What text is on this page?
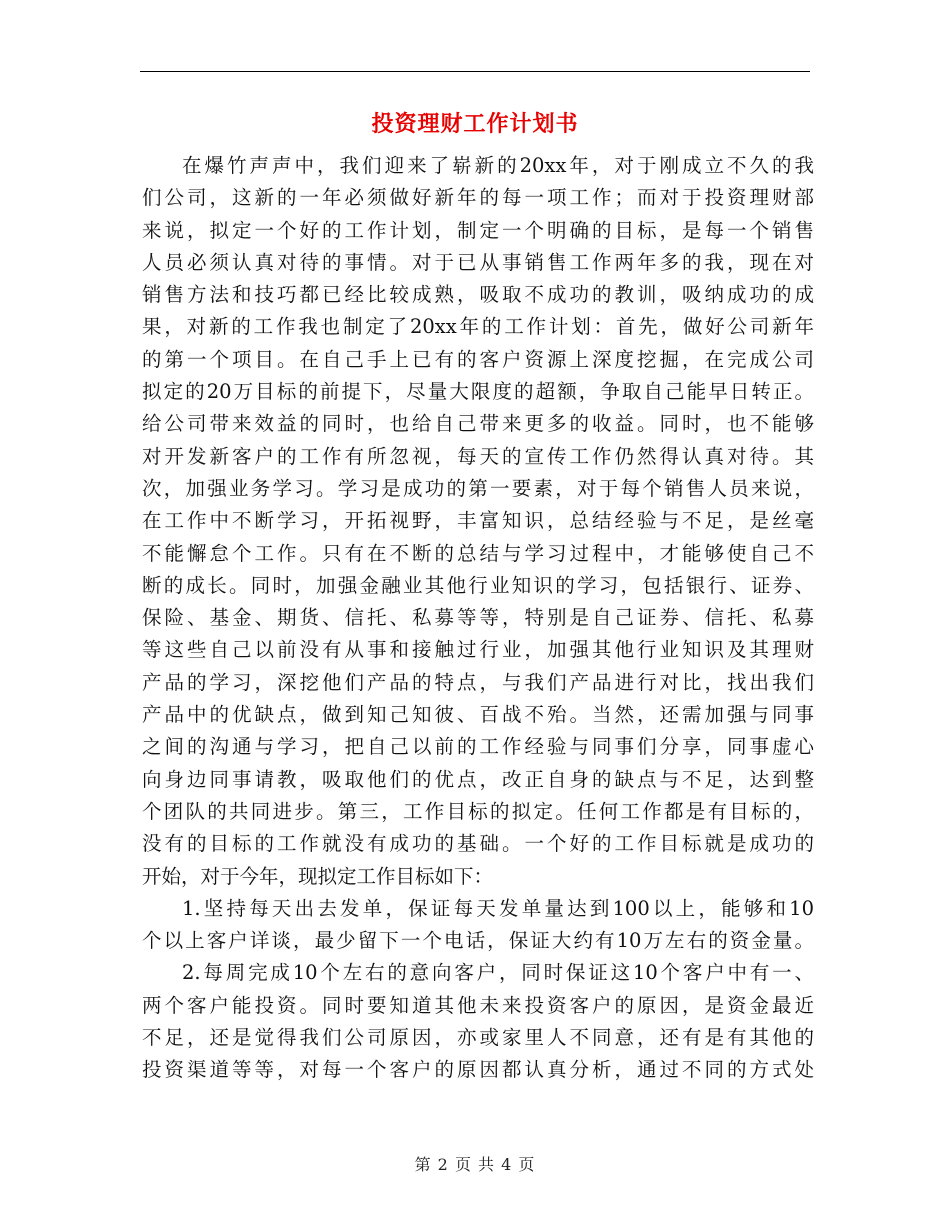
投资理财工作计划书
在爆竹声声中，我们迎来了崭新的20xx年，对于刚成立不久的我
们公司，这新的一年必须做好新年的每一项工作；而对于投资理财部
来说，拟定一个好的工作计划，制定一个明确的目标，是每一个销售
人员必须认真对待的事情。对于已从事销售工作两年多的我，现在对
销售方法和技巧都已经比较成熟，吸取不成功的教训，吸纳成功的成
果，对新的工作我也制定了20xx年的工作计划：首先，做好公司新年
的第一个项目。在自己手上已有的客户资源上深度挖掘，在完成公司
拟定的20万目标的前提下，尽量大限度的超额，争取自己能早日转正。
给公司带来效益的同时，也给自己带来更多的收益。同时，也不能够
对开发新客户的工作有所忽视，每天的宣传工作仍然得认真对待。其
次，加强业务学习。学习是成功的第一要素，对于每个销售人员来说，
在工作中不断学习，开拓视野，丰富知识，总结经验与不足，是丝毫
不能懈怠个工作。只有在不断的总结与学习过程中，才能够使自己不
断的成长。同时，加强金融业其他行业知识的学习，包括银行、证券、
保险、基金、期货、信托、私募等等，特别是自己证券、信托、私募
等这些自己以前没有从事和接触过行业，加强其他行业知识及其理财
产品的学习，深挖他们产品的特点，与我们产品进行对比，找出我们
产品中的优缺点，做到知己知彼、百战不殆。当然，还需加强与同事
之间的沟通与学习，把自己以前的工作经验与同事们分享，同事虚心
向身边同事请教，吸取他们的优点，改正自身的缺点与不足，达到整
个团队的共同进步。第三，工作目标的拟定。任何工作都是有目标的，
没有的目标的工作就没有成功的基础。一个好的工作目标就是成功的
开始，对于今年，现拟定工作目标如下：
1.坚持每天出去发单，保证每天发单量达到100以上，能够和10
个以上客户详谈，最少留下一个电话，保证大约有10万左右的资金量。
2.每周完成10个左右的意向客户，同时保证这10个客户中有一、
两个客户能投资。同时要知道其他未来投资客户的原因，是资金最近
不足，还是觉得我们公司原因，亦或家里人不同意，还有是有其他的
投资渠道等等，对每一个客户的原因都认真分析，通过不同的方式处
第 2 页 共 4 页
